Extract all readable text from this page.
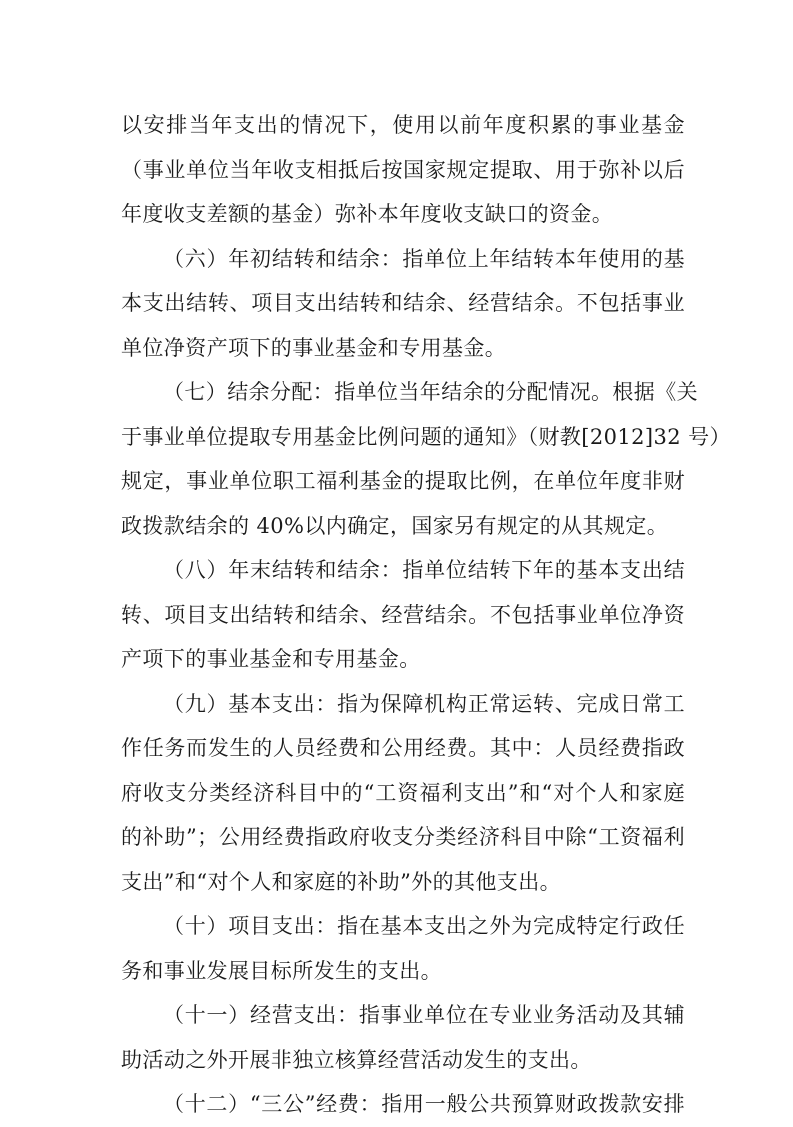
以安排当年支出的情况下，使用以前年度积累的事业基金
（事业单位当年收支相抵后按国家规定提取、用于弥补以后
年度收支差额的基金）弥补本年度收支缺口的资金。
（六）年初结转和结余：指单位上年结转本年使用的基
本支出结转、项目支出结转和结余、经营结余。不包括事业
单位净资产项下的事业基金和专用基金。
（七）结余分配：指单位当年结余的分配情况。根据《关
于事业单位提取专用基金比例问题的通知》（财教[2012]32 号）
规定，事业单位职工福利基金的提取比例，在单位年度非财
政拨款结余的 40%以内确定，国家另有规定的从其规定。
（八）年末结转和结余：指单位结转下年的基本支出结
转、项目支出结转和结余、经营结余。不包括事业单位净资
产项下的事业基金和专用基金。
（九）基本支出：指为保障机构正常运转、完成日常工
作任务而发生的人员经费和公用经费。其中：人员经费指政
府收支分类经济科目中的“工资福利支出”和“对个人和家庭
的补助”；公用经费指政府收支分类经济科目中除“工资福利
支出”和“对个人和家庭的补助”外的其他支出。
（十）项目支出：指在基本支出之外为完成特定行政任
务和事业发展目标所发生的支出。
（十一）经营支出：指事业单位在专业业务活动及其辅
助活动之外开展非独立核算经营活动发生的支出。
（十二）“三公”经费：指用一般公共预算财政拨款安排
